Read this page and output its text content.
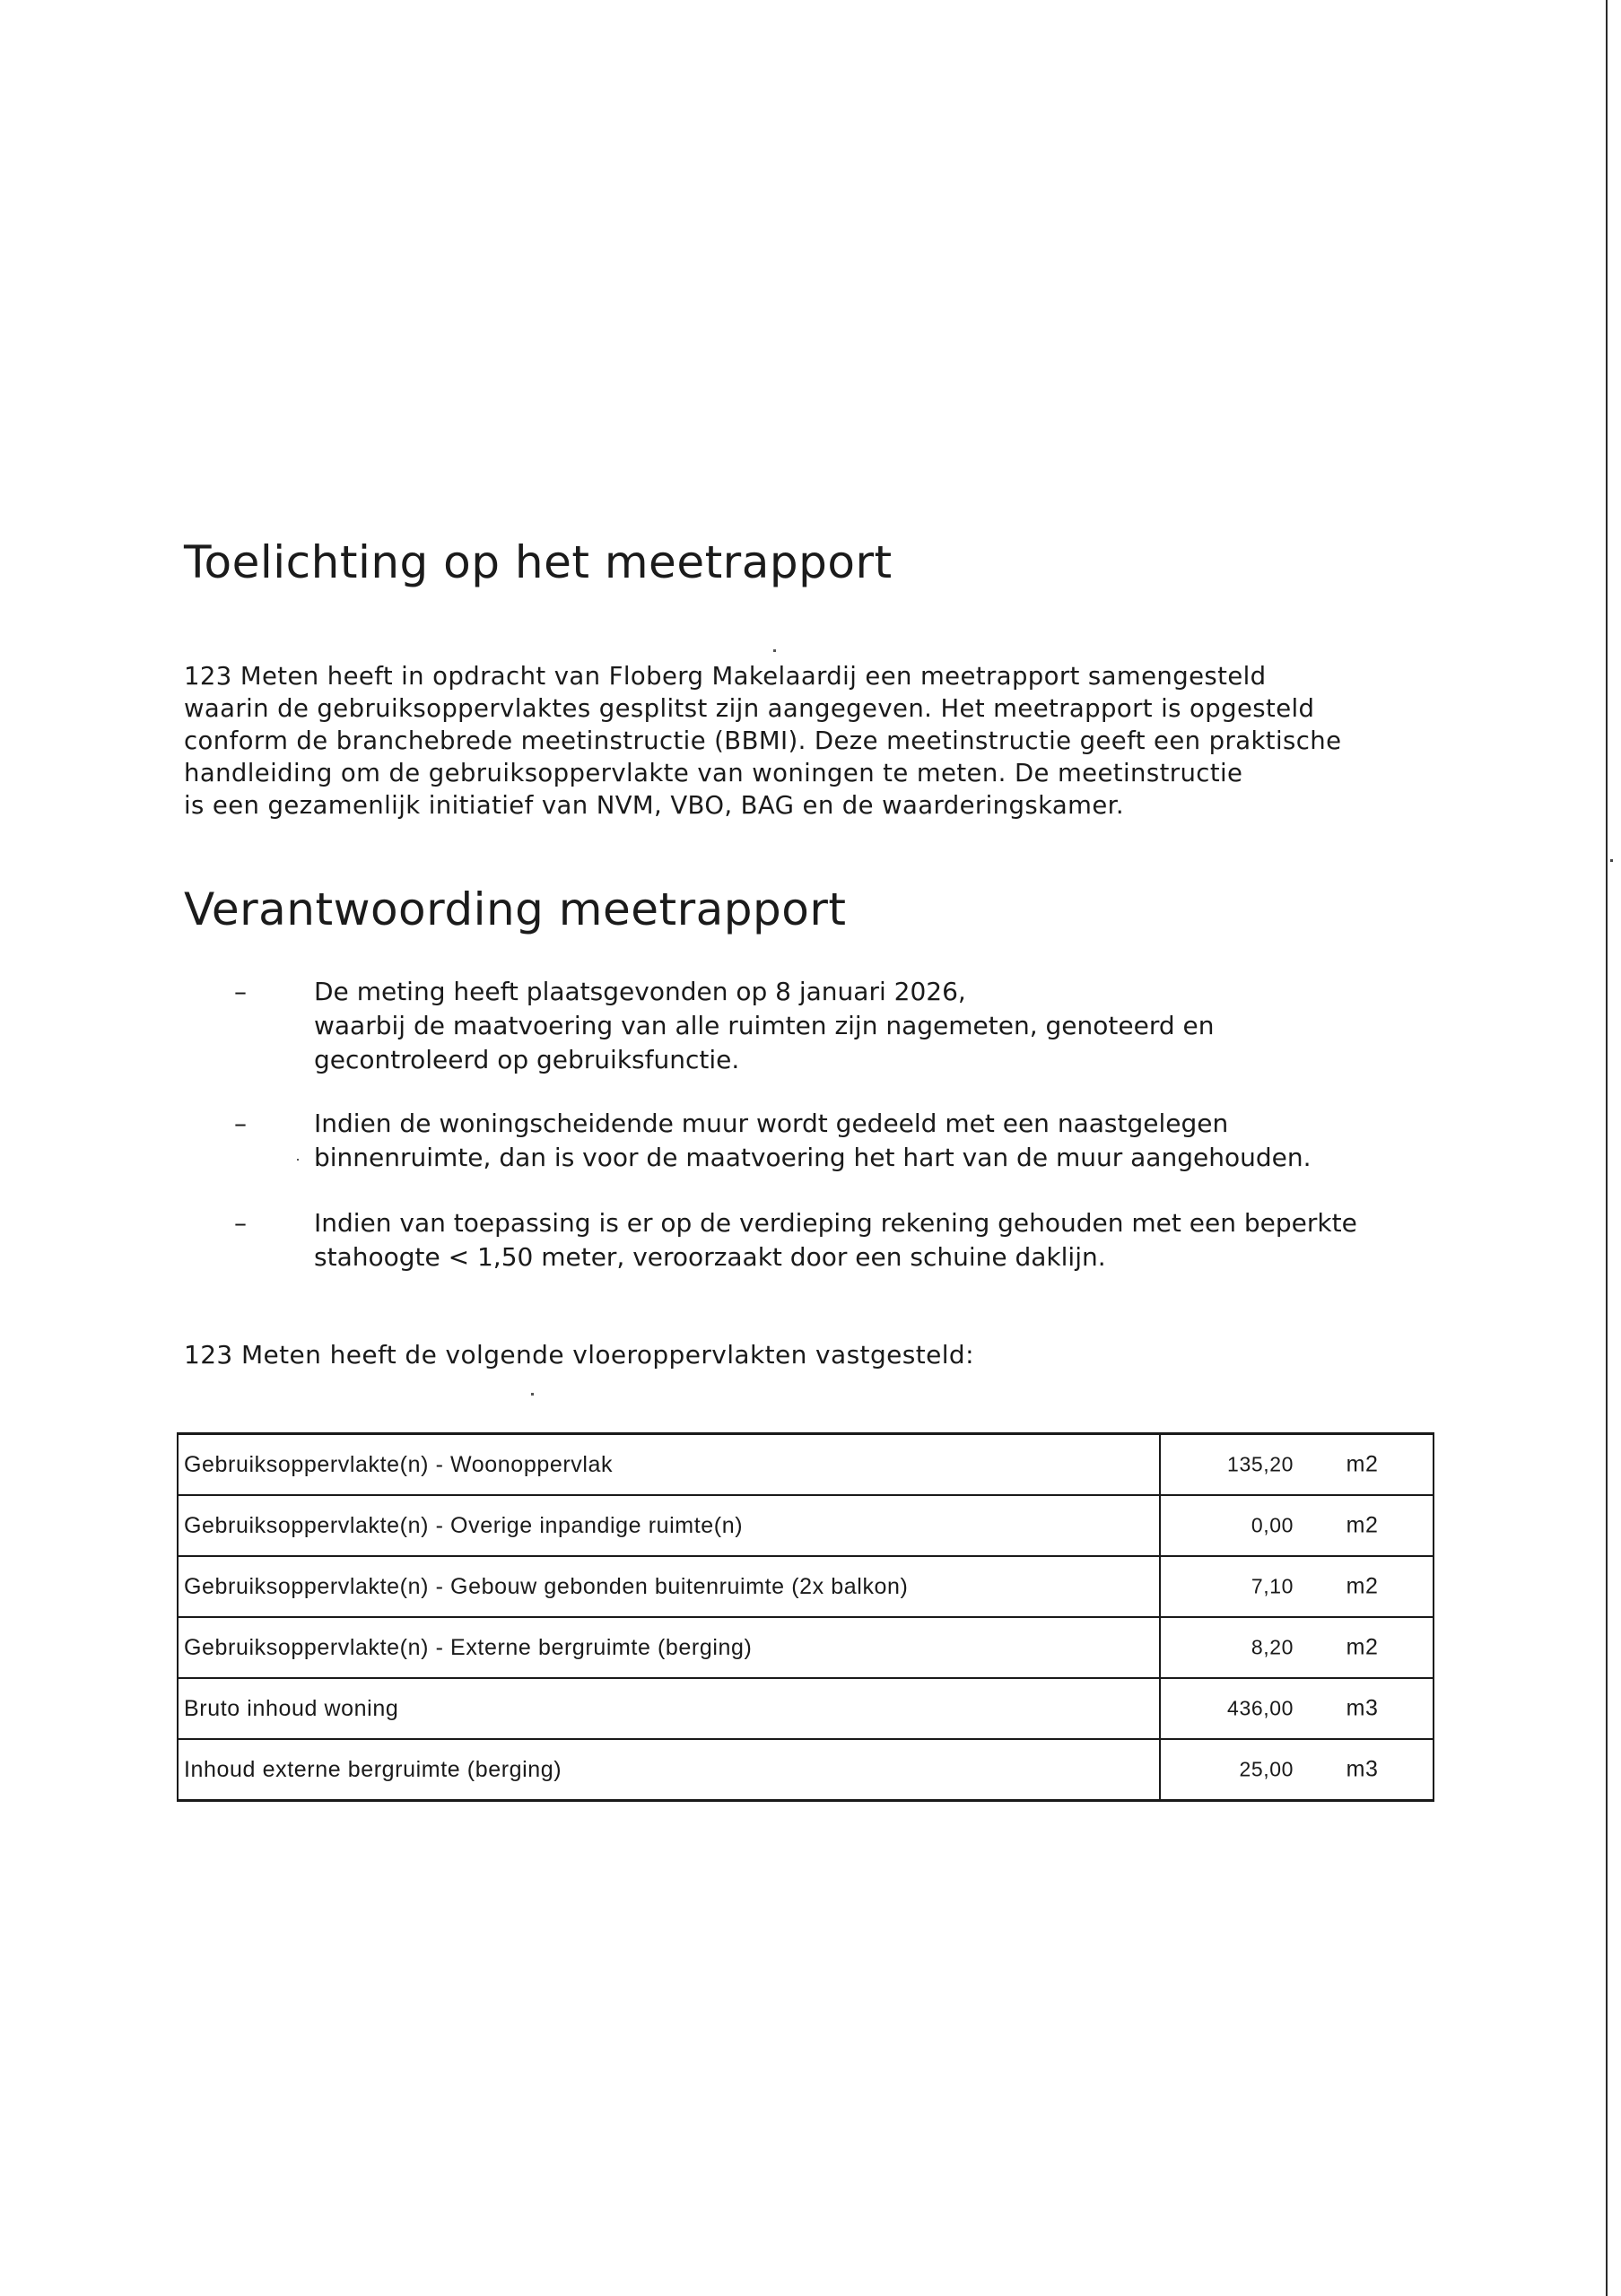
Toelichting op het meetrapport

123 Meten heeft in opdracht van Floberg Makelaardij een meetrapport samengesteld
waarin de gebruiksoppervlaktes gesplitst zijn aangegeven. Het meetrapport is opgesteld
conform de branchebrede meetinstructie (BBMI). Deze meetinstructie geeft een praktische
handleiding om de gebruiksoppervlakte van woningen te meten. De meetinstructie
is een gezamenlijk initiatief van NVM, VBO, BAG en de waarderingskamer.

Verantwoording meetrapport
–	De meting heeft plaatsgevonden op 8 januari 2026,
waarbij de maatvoering van alle ruimten zijn nagemeten, genoteerd en
gecontroleerd op gebruiksfunctie.
–	Indien de woningscheidende muur wordt gedeeld met een naastgelegen
binnenruimte, dan is voor de maatvoering het hart van de muur aangehouden.
–	Indien van toepassing is er op de verdieping rekening gehouden met een beperkte
stahoogte < 1,50 meter, veroorzaakt door een schuine daklijn.

123 Meten heeft de volgende vloeroppervlakten vastgesteld:

Gebruiksoppervlakte(n) - Woonoppervlak	135,20 m2

Gebruiksoppervlakte(n) - Overige inpandige ruimte(n)	0,00 m2

Gebruiksoppervlakte(n) - Gebouw gebonden buitenruimte (2x balkon)	7,10 m2

Gebruiksoppervlakte(n) - Externe bergruimte (berging)	8,20 m2

Bruto inhoud woning	436,00 m3

Inhoud externe bergruimte (berging)	25,00 m3
